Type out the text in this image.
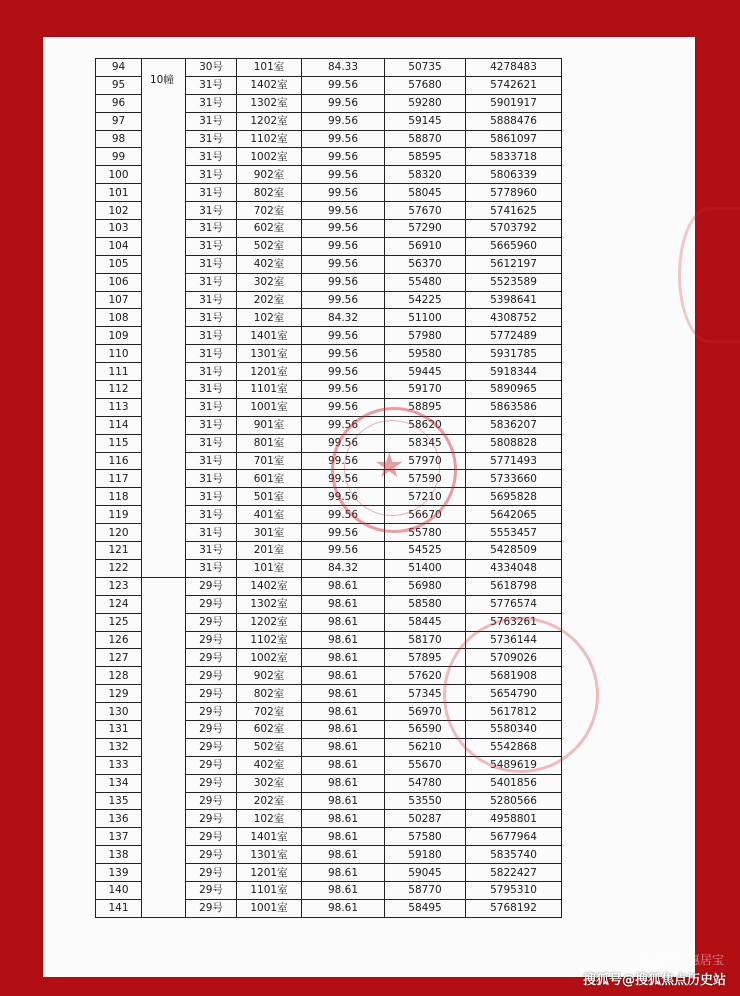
94		30号	101室	84.33	50735	4278483
95		31号	1402室	99.56	57680	5742621
96		31号	1302室	99.56	59280	5901917
97		31号	1202室	99.56	59145	5888476
98		31号	1102室	99.56	58870	5861097
99		31号	1002室	99.56	58595	5833718
100		31号	902室	99.56	58320	5806339
101		31号	802室	99.56	58045	5778960
102		31号	702室	99.56	57670	5741625
103		31号	602室	99.56	57290	5703792
104		31号	502室	99.56	56910	5665960
105		31号	402室	99.56	56370	5612197
106		31号	302室	99.56	55480	5523589
107		31号	202室	99.56	54225	5398641
108		31号	102室	84.32	51100	4308752
109		31号	1401室	99.56	57980	5772489
110		31号	1301室	99.56	59580	5931785
111		31号	1201室	99.56	59445	5918344
112		31号	1101室	99.56	59170	5890965
113		31号	1001室	99.56	58895	5863586
114		31号	901室	99.56	58620	5836207
115		31号	801室	99.56	58345	5808828
116		31号	701室	99.56	57970	5771493
117		31号	601室	99.56	57590	5733660
118		31号	501室	99.56	57210	5695828
119		31号	401室	99.56	56670	5642065
120		31号	301室	99.56	55780	5553457
121		31号	201室	99.56	54525	5428509
122		31号	101室	84.32	51400	4334048
123		29号	1402室	98.61	56980	5618798
124		29号	1302室	98.61	58580	5776574
125		29号	1202室	98.61	58445	5763261
126		29号	1102室	98.61	58170	5736144
127		29号	1002室	98.61	57895	5709026
128		29号	902室	98.61	57620	5681908
129		29号	802室	98.61	57345	5654790
130		29号	702室	98.61	56970	5617812
131		29号	602室	98.61	56590	5580340
132		29号	502室	98.61	56210	5542868
133		29号	402室	98.61	55670	5489619
134		29号	302室	98.61	54780	5401856
135		29号	202室	98.61	53550	5280566
136		29号	102室	98.61	50287	4958801
137		29号	1401室	98.61	57580	5677964
138		29号	1301室	98.61	59180	5835740
139		29号	1201室	98.61	59045	5822427
140		29号	1101室	98.61	58770	5795310
141		29号	1001室	98.61	58495	5768192
10幢
★
公众号 · 惠居宝
搜狐号@搜狐焦点历史站
